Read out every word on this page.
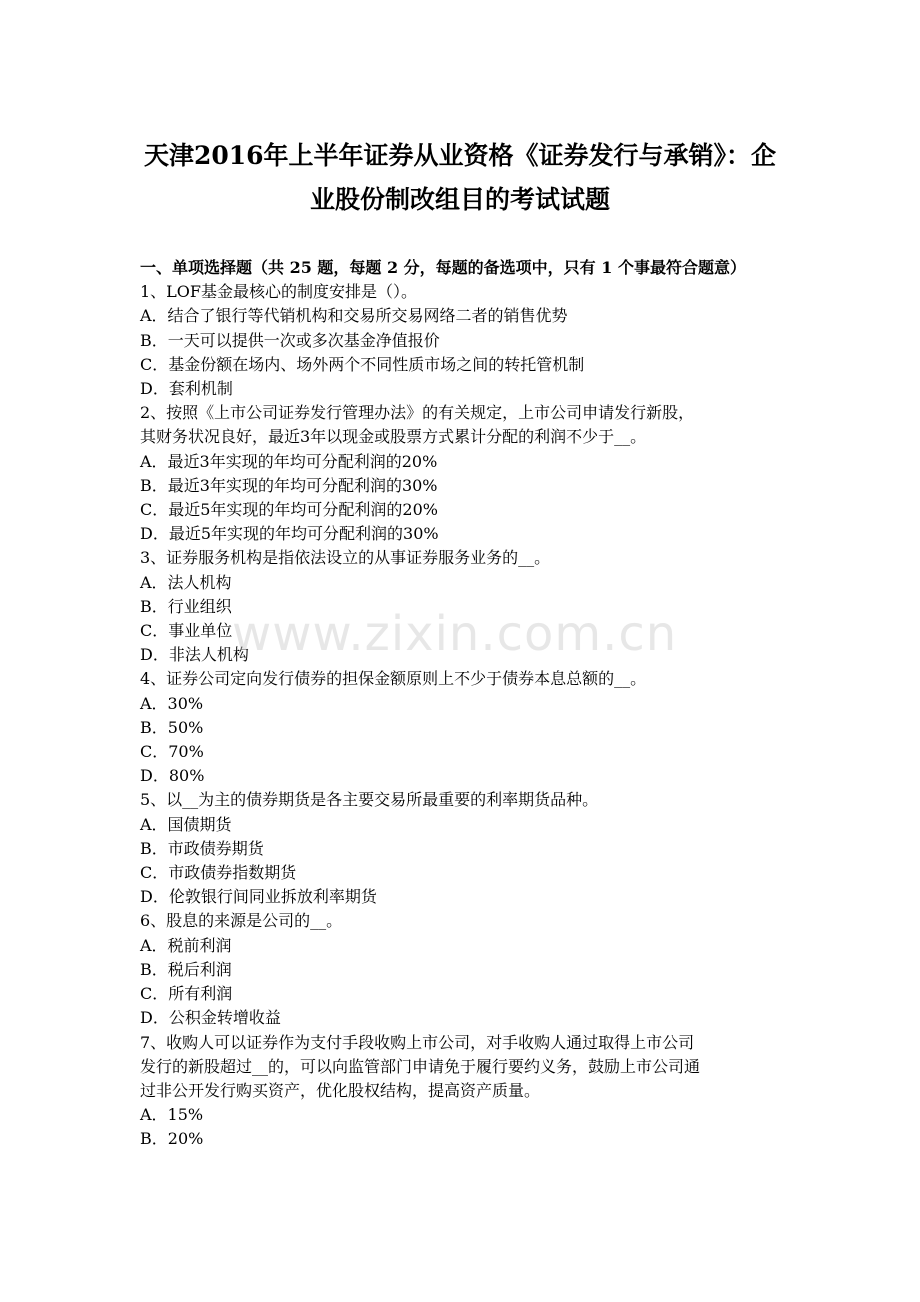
天津2016年上半年证券从业资格《证券发行与承销》：企
业股份制改组目的考试试题

一、单项选择题（共 25 题，每题 2 分，每题的备选项中，只有 1 个事最符合题意）

1、LOF基金最核心的制度安排是（）。

A．结合了银行等代销机构和交易所交易网络二者的销售优势

B．一天可以提供一次或多次基金净值报价

C．基金份额在场内、场外两个不同性质市场之间的转托管机制

D．套利机制

2、按照《上市公司证券发行管理办法》的有关规定，上市公司申请发行新股，

其财务状况良好，最近3年以现金或股票方式累计分配的利润不少于__。

A．最近3年实现的年均可分配利润的20%

B．最近3年实现的年均可分配利润的30%

C．最近5年实现的年均可分配利润的20%

D．最近5年实现的年均可分配利润的30%

3、证券服务机构是指依法设立的从事证券服务业务的__。

A．法人机构

B．行业组织

C．事业单位

D．非法人机构

4、证券公司定向发行债券的担保金额原则上不少于债券本息总额的__。

A．30%

B．50%

C．70%

D．80%

5、以__为主的债券期货是各主要交易所最重要的利率期货品种。

A．国债期货

B．市政债券期货

C．市政债券指数期货

D．伦敦银行间同业拆放利率期货

6、股息的来源是公司的__。

A．税前利润

B．税后利润

C．所有利润

D．公积金转增收益

7、收购人可以证券作为支付手段收购上市公司，对手收购人通过取得上市公司

发行的新股超过__的，可以向监管部门申请免于履行要约义务，鼓励上市公司通

过非公开发行购买资产，优化股权结构，提高资产质量。

A．15%

B．20%

www.zixin.com.cn
